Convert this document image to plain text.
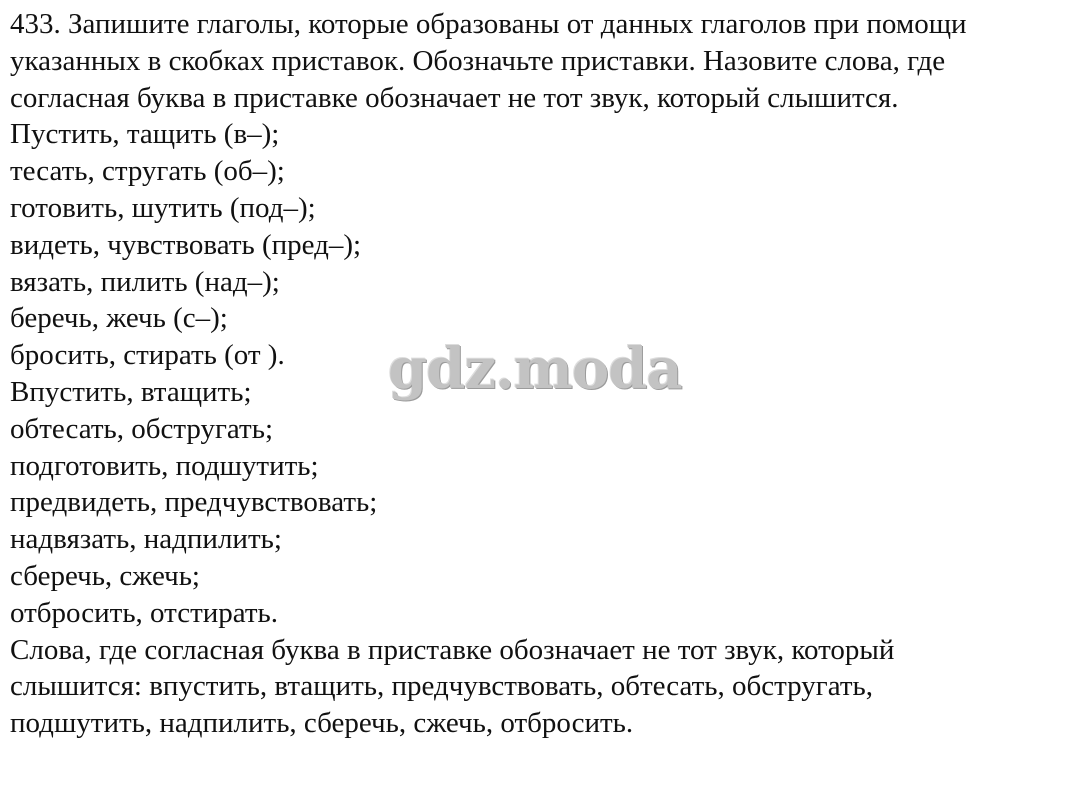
433. Запишите глаголы, которые образованы от данных глаголов при помощи
указанных в скобках приставок. Обозначьте приставки. Назовите слова, где
согласная буква в приставке обозначает не тот звук, который слышится.
Пустить, тащить (в–);
тесать, стругать (об–);
готовить, шутить (под–);
видеть, чувствовать (пред–);
вязать, пилить (над–);
беречь, жечь (с–);
бросить, стирать (от ).
Впустить, втащить;
обтесать, обстругать;
подготовить, подшутить;
предвидеть, предчувствовать;
надвязать, надпилить;
сберечь, сжечь;
отбросить, отстирать.
Слова, где согласная буква в приставке обозначает не тот звук, который
слышится: впустить, втащить, предчувствовать, обтесать, обстругать,
подшутить, надпилить, сберечь, сжечь, отбросить.
gdz.moda
